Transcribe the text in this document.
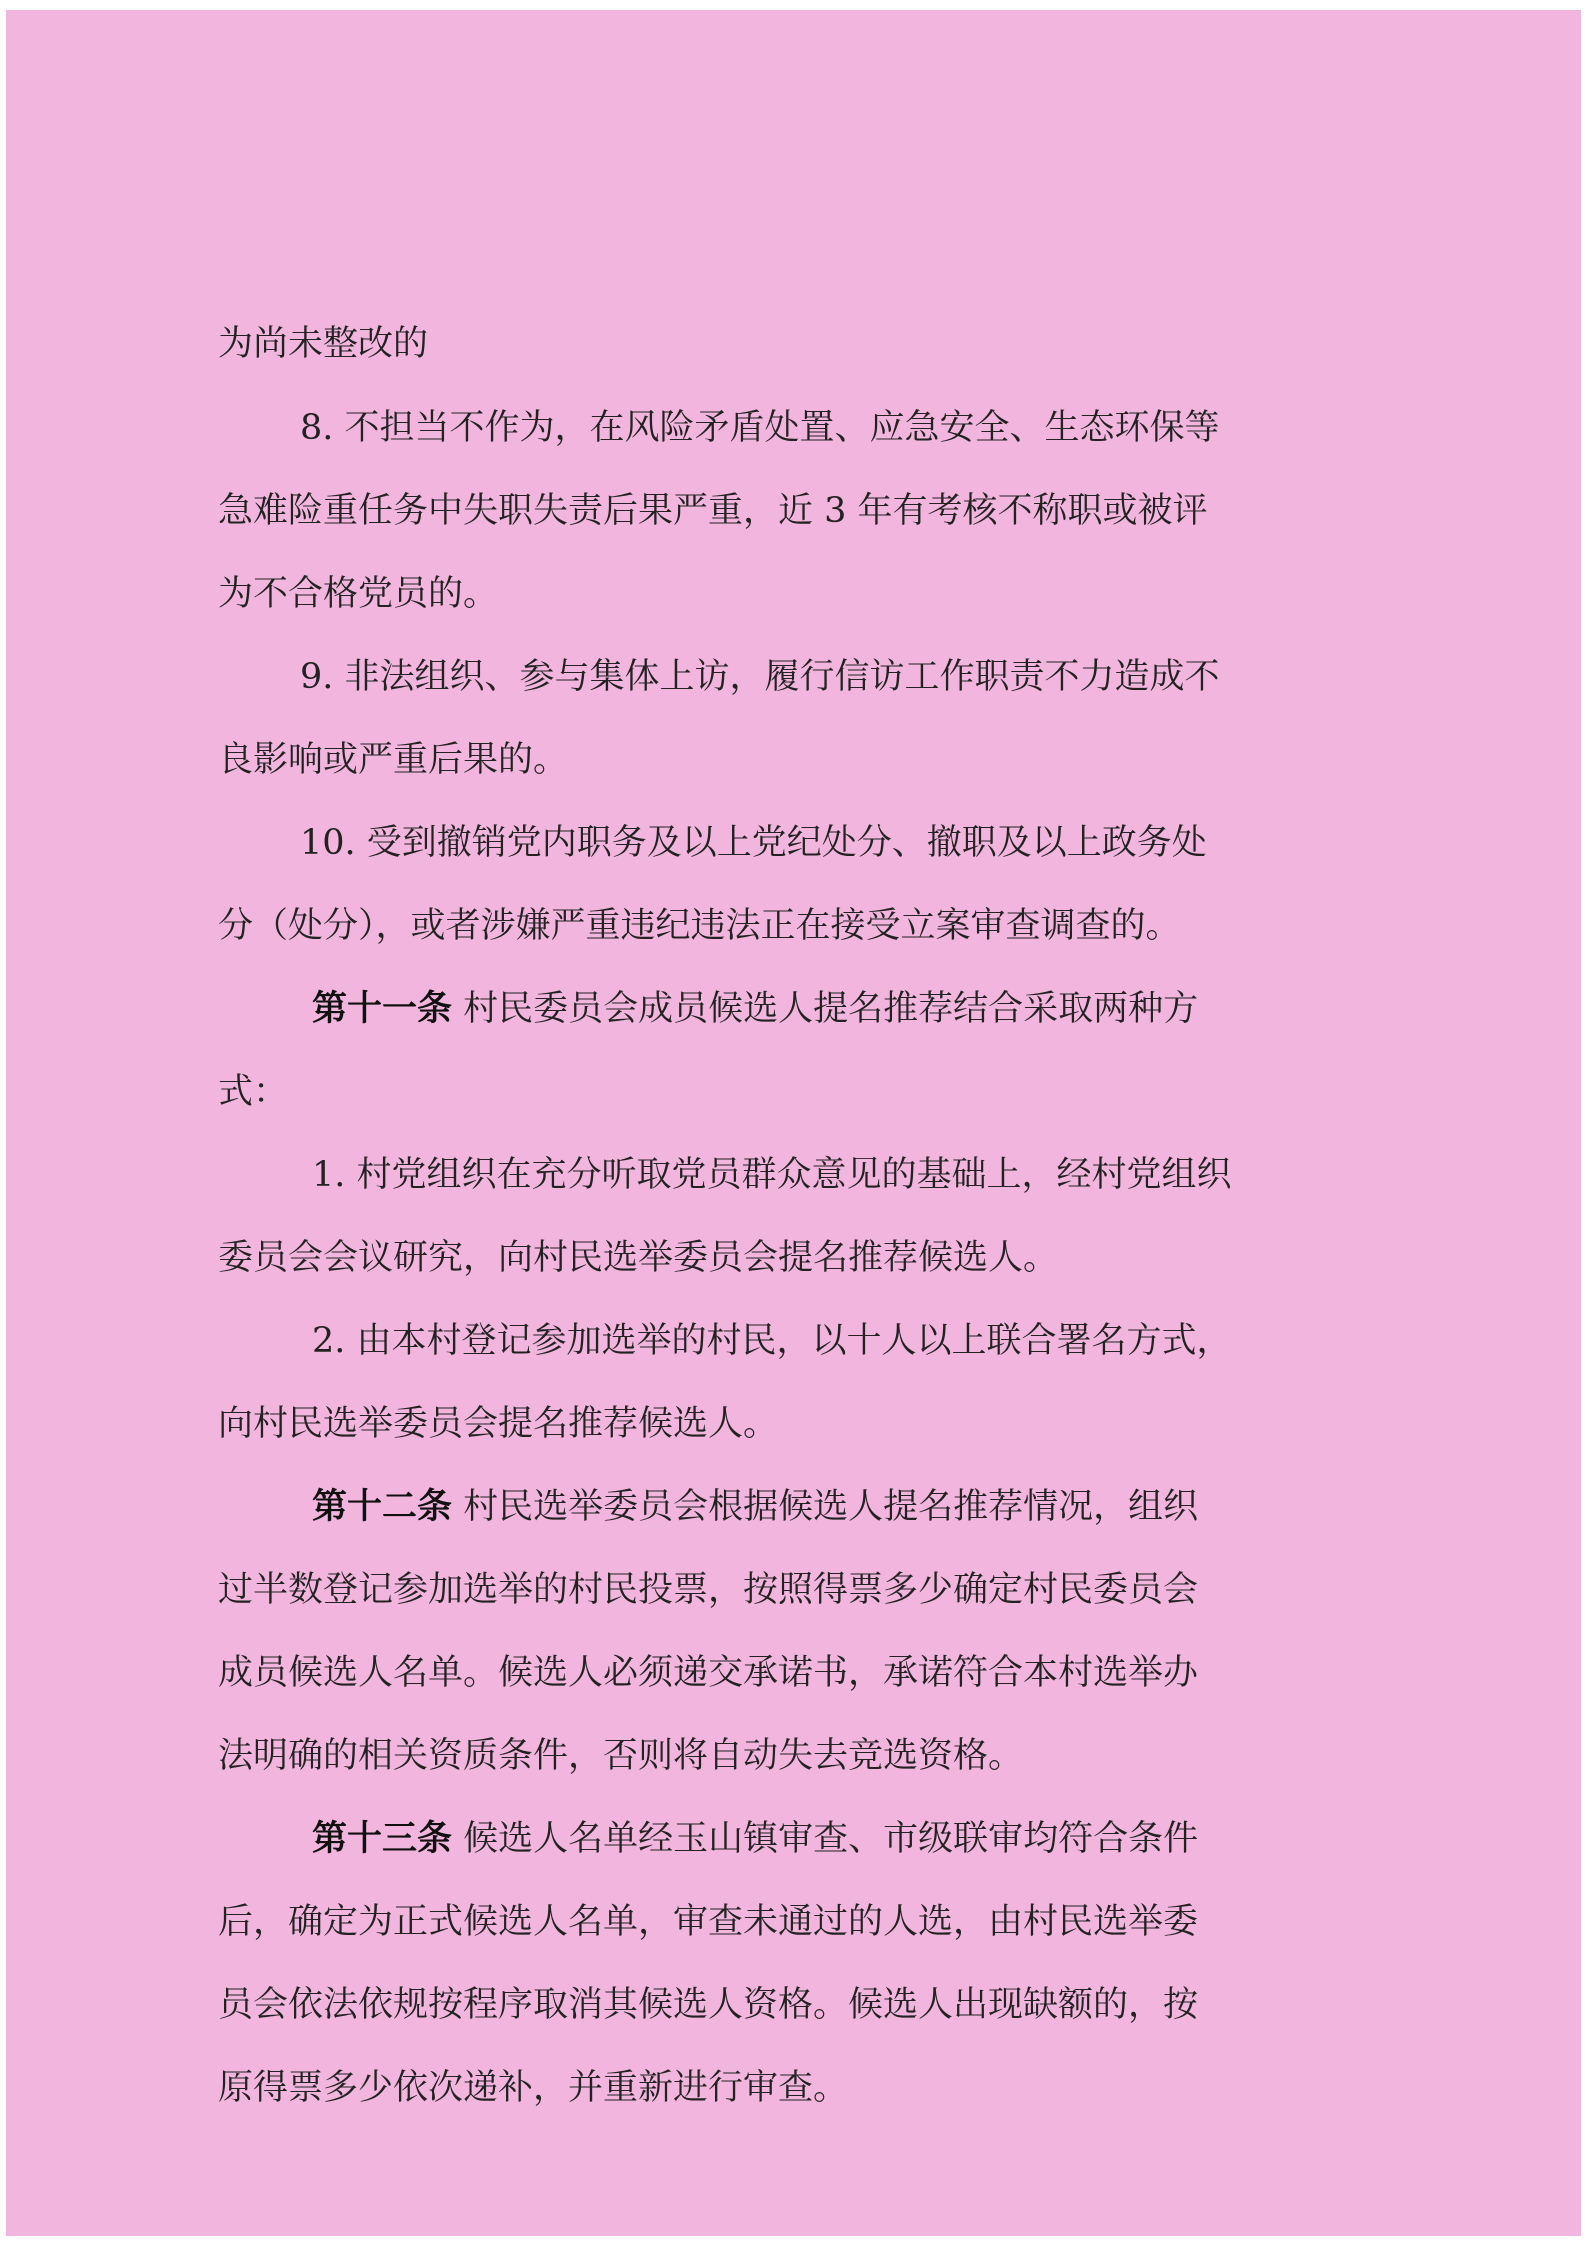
为尚未整改的
8. 不担当不作为，在风险矛盾处置、应急安全、生态环保等
急难险重任务中失职失责后果严重，近 3 年有考核不称职或被评
为不合格党员的。
9. 非法组织、参与集体上访，履行信访工作职责不力造成不
良影响或严重后果的。
10. 受到撤销党内职务及以上党纪处分、撤职及以上政务处
分（处分），或者涉嫌严重违纪违法正在接受立案审查调查的。
第十一条 村民委员会成员候选人提名推荐结合采取两种方
式：
1. 村党组织在充分听取党员群众意见的基础上，经村党组织
委员会会议研究，向村民选举委员会提名推荐候选人。
2. 由本村登记参加选举的村民，以十人以上联合署名方式，
向村民选举委员会提名推荐候选人。
第十二条 村民选举委员会根据候选人提名推荐情况，组织
过半数登记参加选举的村民投票，按照得票多少确定村民委员会
成员候选人名单。候选人必须递交承诺书，承诺符合本村选举办
法明确的相关资质条件，否则将自动失去竞选资格。
第十三条 候选人名单经玉山镇审查、市级联审均符合条件
后，确定为正式候选人名单，审查未通过的人选，由村民选举委
员会依法依规按程序取消其候选人资格。候选人出现缺额的，按
原得票多少依次递补，并重新进行审查。
